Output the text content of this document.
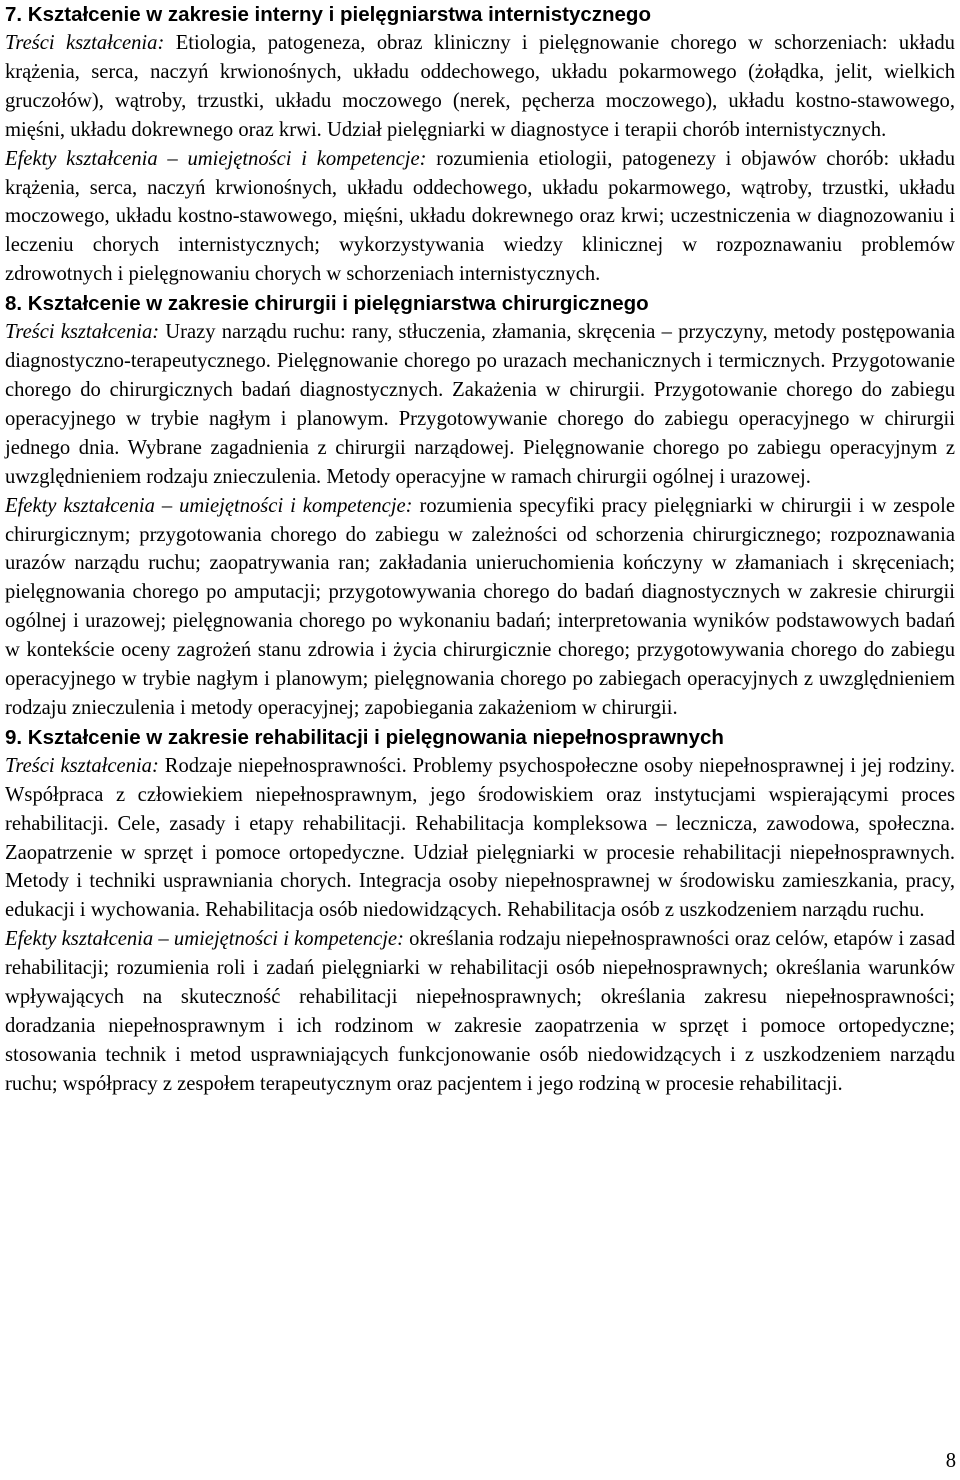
7. Kształcenie w zakresie interny i pielęgniarstwa internistycznego

Treści kształcenia: Etiologia, patogeneza, obraz kliniczny i pielęgnowanie chorego w schorzeniach: układu krążenia, serca, naczyń krwionośnych, układu oddechowego, układu pokarmowego (żołądka, jelit, wielkich gruczołów), wątroby, trzustki, układu moczowego (nerek, pęcherza moczowego), układu kostno-stawowego, mięśni, układu dokrewnego oraz krwi. Udział pielęgniarki w diagnostyce i terapii chorób internistycznych.

Efekty kształcenia – umiejętności i kompetencje: rozumienia etiologii, patogenezy i objawów chorób: układu krążenia, serca, naczyń krwionośnych, układu oddechowego, układu pokarmowego, wątroby, trzustki, układu moczowego, układu kostno-stawowego, mięśni, układu dokrewnego oraz krwi; uczestniczenia w diagnozowaniu i leczeniu chorych internistycznych; wykorzystywania wiedzy klinicznej w rozpoznawaniu problemów zdrowotnych i pielęgnowaniu chorych w schorzeniach internistycznych.

8. Kształcenie w zakresie chirurgii i pielęgniarstwa chirurgicznego

Treści kształcenia: Urazy narządu ruchu: rany, stłuczenia, złamania, skręcenia – przyczyny, metody postępowania diagnostyczno-terapeutycznego. Pielęgnowanie chorego po urazach mechanicznych i termicznych. Przygotowanie chorego do chirurgicznych badań diagnostycznych. Zakażenia w chirurgii. Przygotowanie chorego do zabiegu operacyjnego w trybie nagłym i planowym. Przygotowywanie chorego do zabiegu operacyjnego w chirurgii jednego dnia. Wybrane zagadnienia z chirurgii narządowej. Pielęgnowanie chorego po zabiegu operacyjnym z uwzględnieniem rodzaju znieczulenia. Metody operacyjne w ramach chirurgii ogólnej i urazowej.

Efekty kształcenia – umiejętności i kompetencje: rozumienia specyfiki pracy pielęgniarki w chirurgii i w zespole chirurgicznym; przygotowania chorego do zabiegu w zależności od schorzenia chirurgicznego; rozpoznawania urazów narządu ruchu; zaopatrywania ran; zakładania unieruchomienia kończyny w złamaniach i skręceniach; pielęgnowania chorego po amputacji; przygotowywania chorego do badań diagnostycznych w zakresie chirurgii ogólnej i urazowej; pielęgnowania chorego po wykonaniu badań; interpretowania wyników podstawowych badań w kontekście oceny zagrożeń stanu zdrowia i życia chirurgicznie chorego; przygotowywania chorego do zabiegu operacyjnego w trybie nagłym i planowym; pielęgnowania chorego po zabiegach operacyjnych z uwzględnieniem rodzaju znieczulenia i metody operacyjnej; zapobiegania zakażeniom w chirurgii.

9. Kształcenie w zakresie rehabilitacji i pielęgnowania niepełnosprawnych

Treści kształcenia: Rodzaje niepełnosprawności. Problemy psychospołeczne osoby niepełnosprawnej i jej rodziny. Współpraca z człowiekiem niepełnosprawnym, jego środowiskiem oraz instytucjami wspierającymi proces rehabilitacji. Cele, zasady i etapy rehabilitacji. Rehabilitacja kompleksowa – lecznicza, zawodowa, społeczna. Zaopatrzenie w sprzęt i pomoce ortopedyczne. Udział pielęgniarki w procesie rehabilitacji niepełnosprawnych. Metody i techniki usprawniania chorych. Integracja osoby niepełnosprawnej w środowisku zamieszkania, pracy, edukacji i wychowania. Rehabilitacja osób niedowidzących. Rehabilitacja osób z uszkodzeniem narządu ruchu.

Efekty kształcenia – umiejętności i kompetencje: określania rodzaju niepełnosprawności oraz celów, etapów i zasad rehabilitacji; rozumienia roli i zadań pielęgniarki w rehabilitacji osób niepełnosprawnych; określania warunków wpływających na skuteczność rehabilitacji niepełnosprawnych; określania zakresu niepełnosprawności; doradzania niepełnosprawnym i ich rodzinom w zakresie zaopatrzenia w sprzęt i pomoce ortopedyczne; stosowania technik i metod usprawniających funkcjonowanie osób niedowidzących i z uszkodzeniem narządu ruchu; współpracy z zespołem terapeutycznym oraz pacjentem i jego rodziną w procesie rehabilitacji.

8
